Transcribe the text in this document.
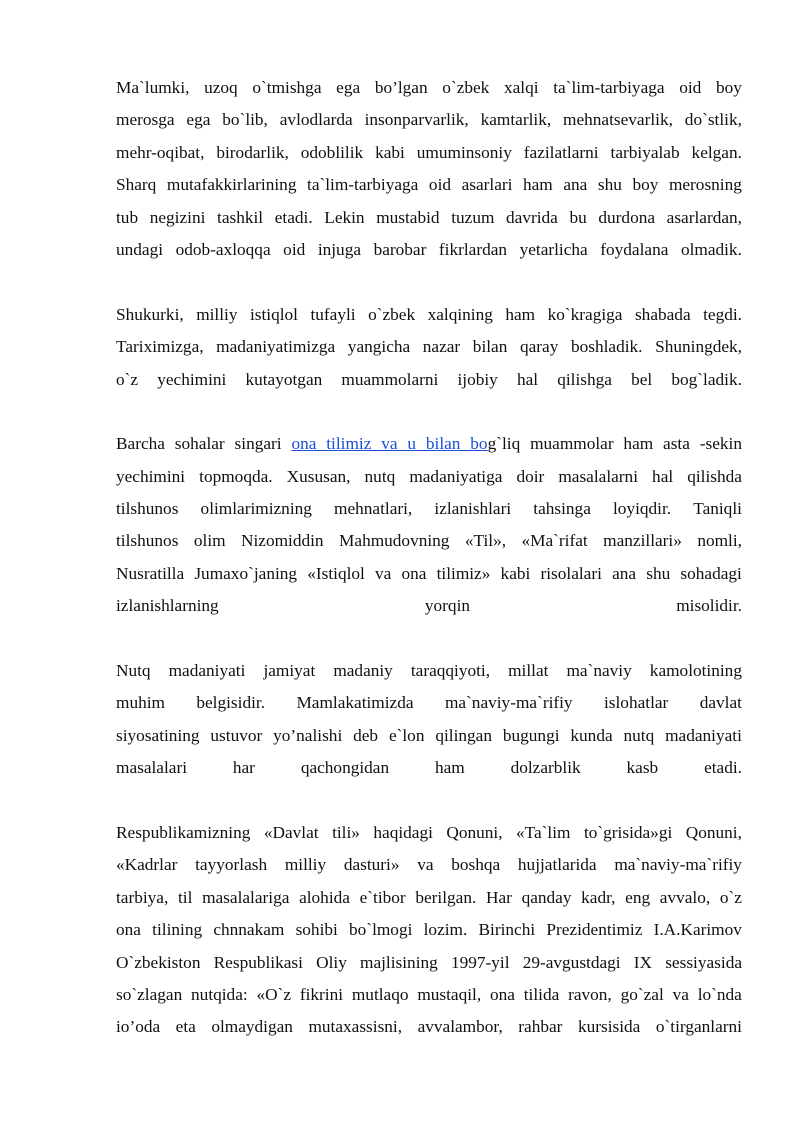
Ma`lumki, uzoq o`tmishga ega bo’lgan o`zbek xalqi ta`lim-tarbiyaga oid boy
merosga ega bo`lib, avlodlarda insonparvarlik, kamtarlik, mehnatsevarlik, do`stlik,
mehr-oqibat, birodarlik, odoblilik kabi umuminsoniy fazilatlarni tarbiyalab kelgan.
Sharq mutafakkirlarining ta`lim-tarbiyaga oid asarlari ham ana shu boy merosning
tub negizini tashkil etadi. Lekin mustabid tuzum davrida bu durdona asarlardan,
undagi odob-axloqqa oid injuga barobar fikrlardan yetarlicha foydalana olmadik.
Shukurki, milliy istiqlol tufayli o`zbek xalqining ham ko`kragiga shabada tegdi.
Tariximizga, madaniyatimizga yangicha nazar bilan qaray boshladik. Shuningdek,
o`z yechimini kutayotgan muammolarni ijobiy hal qilishga bel bog`ladik.
Barcha sohalar singari ona tilimiz va u bilan bog`liq muammolar ham asta -sekin
yechimini topmoqda. Xususan, nutq madaniyatiga doir masalalarni hal qilishda
tilshunos olimlarimizning mehnatlari, izlanishlari tahsinga loyiqdir. Taniqli
tilshunos olim Nizomiddin Mahmudovning «Til», «Ma`rifat manzillari» nomli,
Nusratilla Jumaxo`janing «Istiqlol va ona tilimiz» kabi risolalari ana shu sohadagi
izlanishlarning	yorqin	misolidir.
Nutq madaniyati jamiyat madaniy taraqqiyoti, millat ma`naviy kamolotining
muhim belgisidir. Mamlakatimizda ma`naviy-ma`rifiy islohatlar davlat
siyosatining ustuvor yo’nalishi deb e`lon qilingan bugungi kunda nutq madaniyati
masalalari	har	qachongidan	ham	dolzarblik	kasb	etadi.
Respublikamizning «Davlat tili» haqidagi Qonuni, «Ta`lim to`grisida»gi Qonuni,
«Kadrlar tayyorlash milliy dasturi» va boshqa hujjatlarida ma`naviy-ma`rifiy
tarbiya, til masalalariga alohida e`tibor berilgan. Har qanday kadr, eng avvalo, o`z
ona tilining chnnakam sohibi bo`lmogi lozim. Birinchi Prezidentimiz I.A.Karimov
O`zbekiston Respublikasi Oliy majlisining 1997-yil 29-avgustdagi IX sessiyasida
so`zlagan nutqida: «O`z fikrini mutlaqo mustaqil, ona tilida ravon, go`zal va lo`nda
io’oda eta olmaydigan mutaxassisni, avvalambor, rahbar kursisida o`tirganlarni
